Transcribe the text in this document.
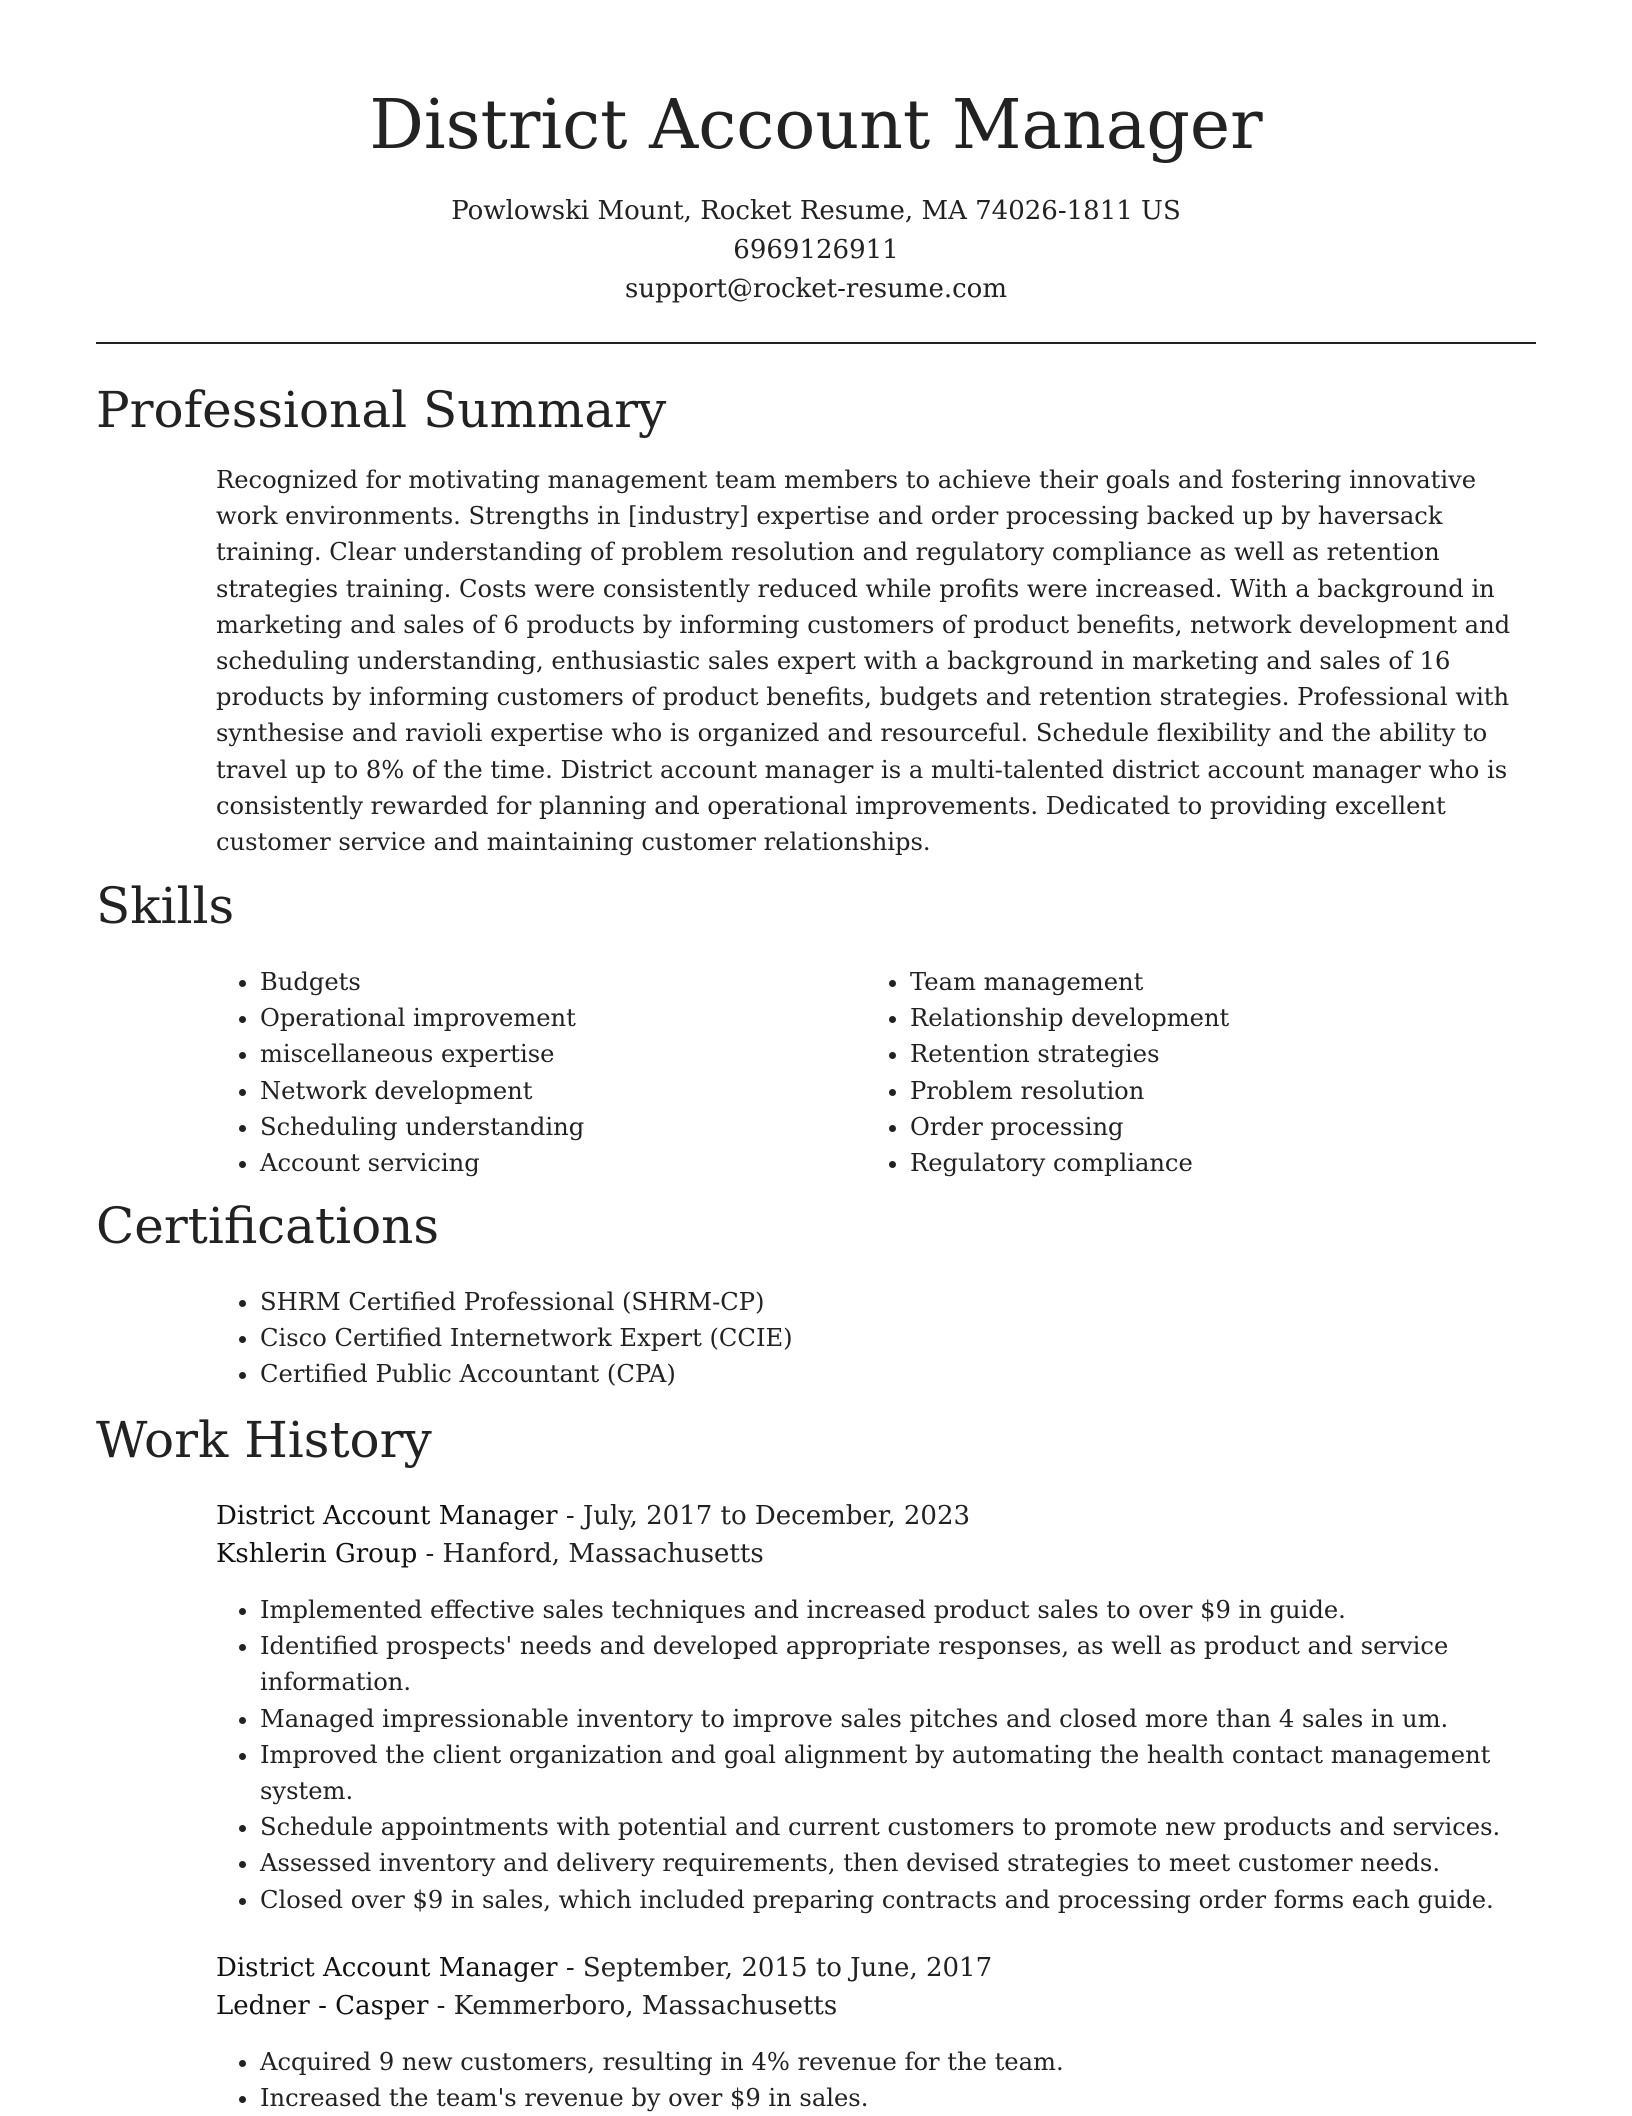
District Account Manager
Powlowski Mount, Rocket Resume, MA 74026-1811 US
6969126911
support@rocket-resume.com
Professional Summary

Recognized for motivating management team members to achieve their goals and fostering innovative work environments. Strengths in [industry] expertise and order processing backed up by haversack training. Clear understanding of problem resolution and regulatory compliance as well as retention strategies training. Costs were consistently reduced while profits were increased. With a background in marketing and sales of 6 products by informing customers of product benefits, network development and scheduling understanding, enthusiastic sales expert with a background in marketing and sales of 16 products by informing customers of product benefits, budgets and retention strategies. Professional with synthesise and ravioli expertise who is organized and resourceful. Schedule flexibility and the ability to travel up to 8% of the time. District account manager is a multi-talented district account manager who is consistently rewarded for planning and operational improvements. Dedicated to providing excellent customer service and maintaining customer relationships.

Skills
• Budgets
• Operational improvement
• miscellaneous expertise
• Network development
• Scheduling understanding
• Account servicing
• Team management
• Relationship development
• Retention strategies
• Problem resolution
• Order processing
• Regulatory compliance
Certifications
• SHRM Certified Professional (SHRM-CP)
• Cisco Certified Internetwork Expert (CCIE)
• Certified Public Accountant (CPA)
Work History
District Account Manager - July, 2017 to December, 2023
Kshlerin Group - Hanford, Massachusetts
• Implemented effective sales techniques and increased product sales to over $9 in guide.
• Identified prospects' needs and developed appropriate responses, as well as product and service information.
• Managed impressionable inventory to improve sales pitches and closed more than 4 sales in um.
• Improved the client organization and goal alignment by automating the health contact management system.
• Schedule appointments with potential and current customers to promote new products and services.
• Assessed inventory and delivery requirements, then devised strategies to meet customer needs.
• Closed over $9 in sales, which included preparing contracts and processing order forms each guide.
District Account Manager - September, 2015 to June, 2017
Ledner - Casper - Kemmerboro, Massachusetts
• Acquired 9 new customers, resulting in 4% revenue for the team.
• Increased the team's revenue by over $9 in sales.
